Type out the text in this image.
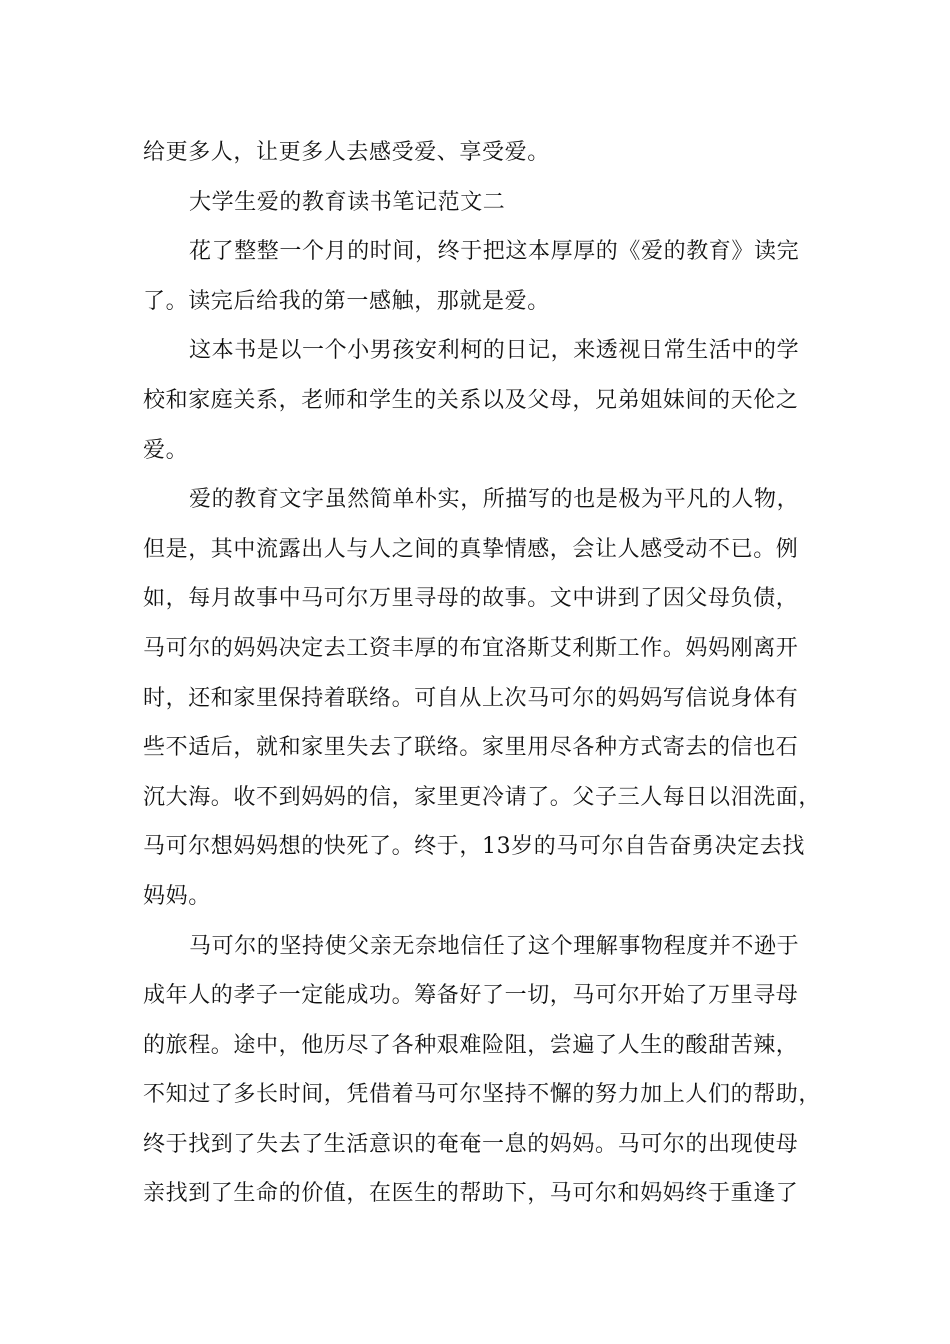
给更多人，让更多人去感受爱、享受爱。
大学生爱的教育读书笔记范文二
花了整整一个月的时间，终于把这本厚厚的《爱的教育》读完
了。读完后给我的第一感触，那就是爱。
这本书是以一个小男孩安利柯的日记，来透视日常生活中的学
校和家庭关系，老师和学生的关系以及父母，兄弟姐妹间的天伦之
爱。
爱的教育文字虽然简单朴实，所描写的也是极为平凡的人物，
但是，其中流露出人与人之间的真挚情感，会让人感受动不已。例
如，每月故事中马可尔万里寻母的故事。文中讲到了因父母负债，
马可尔的妈妈决定去工资丰厚的布宜洛斯艾利斯工作。妈妈刚离开
时，还和家里保持着联络。可自从上次马可尔的妈妈写信说身体有
些不适后，就和家里失去了联络。家里用尽各种方式寄去的信也石
沉大海。收不到妈妈的信，家里更冷请了。父子三人每日以泪洗面，
马可尔想妈妈想的快死了。终于，13岁的马可尔自告奋勇决定去找
妈妈。
马可尔的坚持使父亲无奈地信任了这个理解事物程度并不逊于
成年人的孝子一定能成功。筹备好了一切，马可尔开始了万里寻母
的旅程。途中，他历尽了各种艰难险阻，尝遍了人生的酸甜苦辣，
不知过了多长时间，凭借着马可尔坚持不懈的努力加上人们的帮助，
终于找到了失去了生活意识的奄奄一息的妈妈。马可尔的出现使母
亲找到了生命的价值，在医生的帮助下，马可尔和妈妈终于重逢了
